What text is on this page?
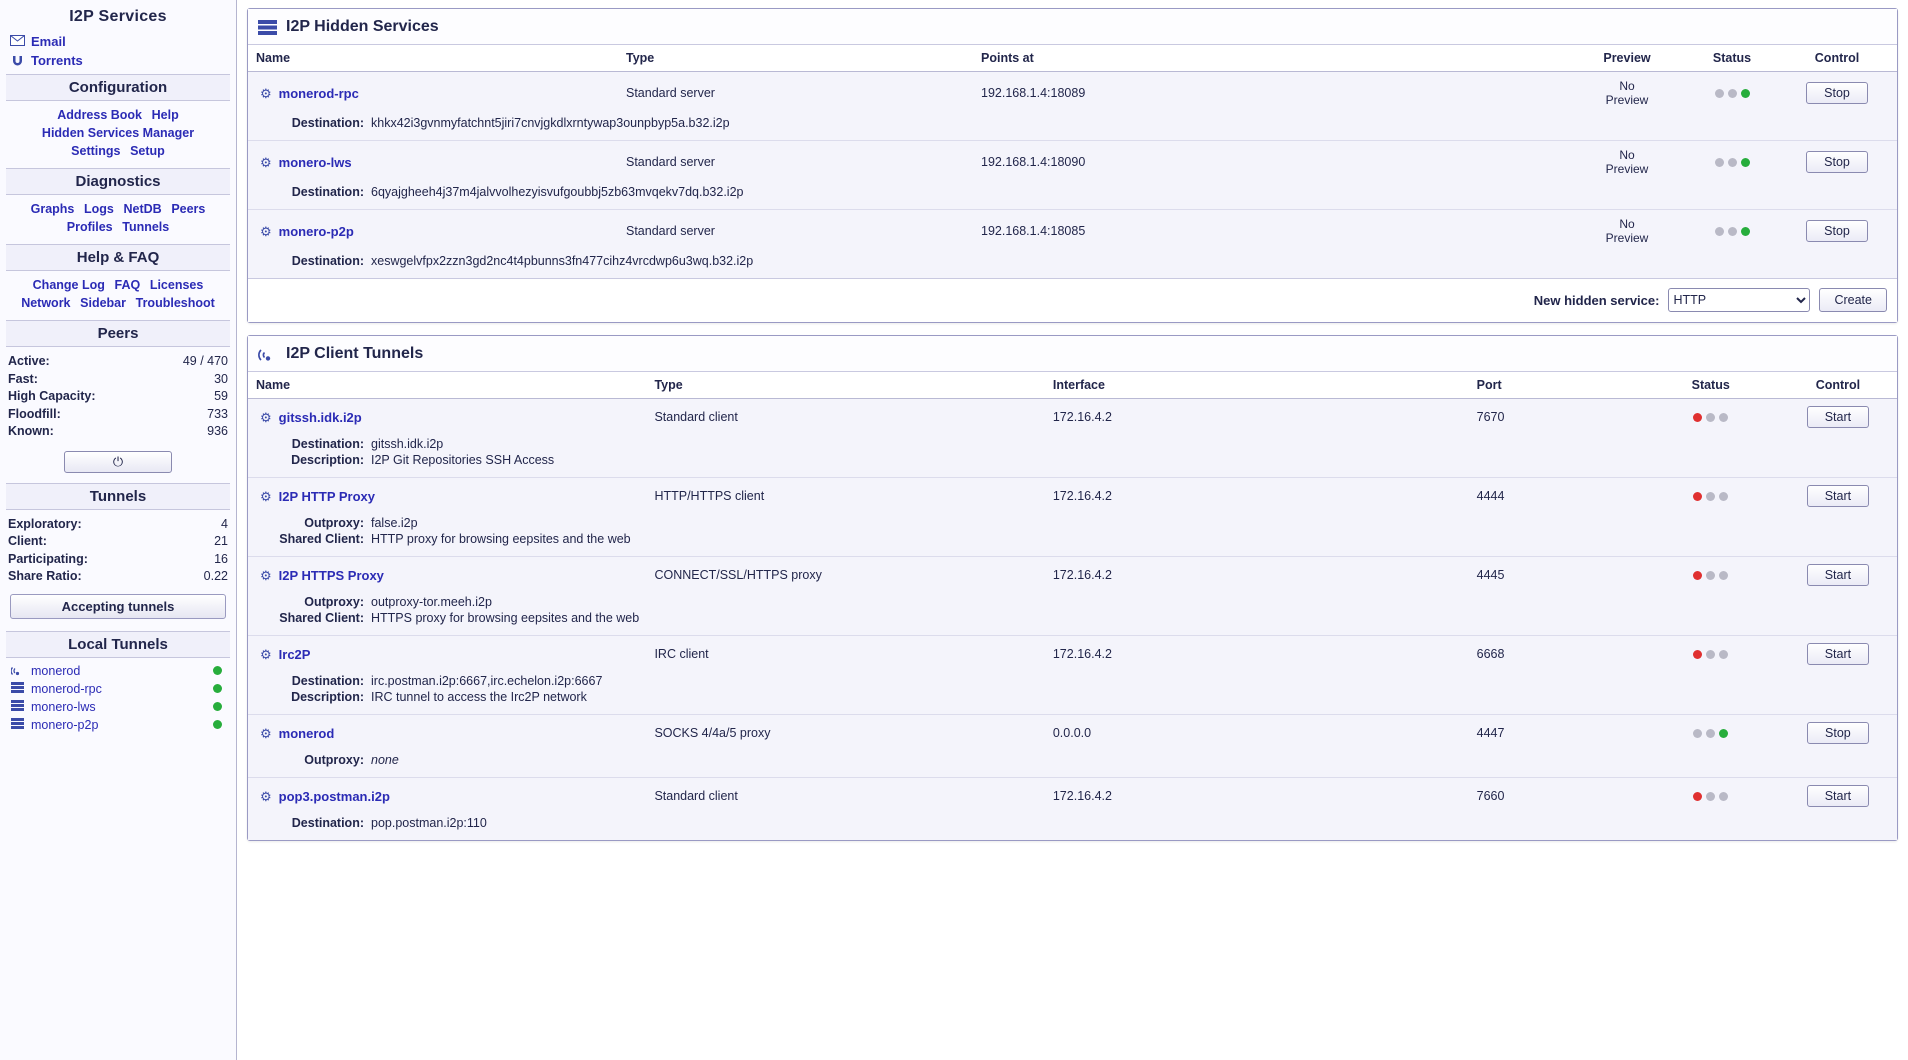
I2P Services
Email
Torrents
Configuration
Address Book Help
Hidden Services Manager
Settings Setup
Diagnostics
Graphs Logs NetDB Peers
Profiles Tunnels
Help & FAQ
Change Log FAQ Licenses
Network Sidebar Troubleshoot
Peers
Active:	49 / 470
Fast:	30
High Capacity:	59
Floodfill:	733
Known:	936
⏻
Tunnels
Exploratory:	4
Client:	21
Participating:	16
Share Ratio:	0.22
Accepting tunnels
Local Tunnels
monerod
monerod-rpc
monero-lws
monero-p2p
I2P Hidden Services
Name	Type	Points at	Preview	Status	Control

⚙ monerod-rpc	Standard server	192.168.1.4:18089	No
Preview		Stop

Destination: khkx42i3gvnmyfatchnt5jiri7cnvjgkdlxrntywap3ounpbyp5a.b32.i2p					

⚙ monero-lws	Standard server	192.168.1.4:18090	No
Preview		Stop

Destination: 6qyajgheeh4j37m4jalvvolhezyisvufgoubbj5zb63mvqekv7dq.b32.i2p					

⚙ monero-p2p	Standard server	192.168.1.4:18085	No
Preview		Stop

Destination: xeswgelvfpx2zzn3gd2nc4t4pbunns3fn477cihz4vrcdwp6u3wq.b32.i2p					
New hidden service:
HTTP	Create
I2P Client Tunnels
Name	Type	Interface	Port	Status	Control

⚙ gitssh.idk.i2p	Standard client	172.16.4.2	7670		Start

Destination: gitssh.idk.i2p
Description: I2P Git Repositories SSH Access					

⚙ I2P HTTP Proxy	HTTP/HTTPS client	172.16.4.2	4444		Start

Outproxy: false.i2p
Shared Client: HTTP proxy for browsing eepsites and the web					

⚙ I2P HTTPS Proxy	CONNECT/SSL/HTTPS proxy	172.16.4.2	4445		Start

Outproxy: outproxy-tor.meeh.i2p
Shared Client: HTTPS proxy for browsing eepsites and the web					

⚙ Irc2P	IRC client	172.16.4.2	6668		Start

Destination: irc.postman.i2p:6667,irc.echelon.i2p:6667
Description: IRC tunnel to access the Irc2P network					

⚙ monerod	SOCKS 4/4a/5 proxy	0.0.0.0	4447		Stop

Outproxy: none					

⚙ pop3.postman.i2p	Standard client	172.16.4.2	7660		Start

Destination: pop.postman.i2p:110					
